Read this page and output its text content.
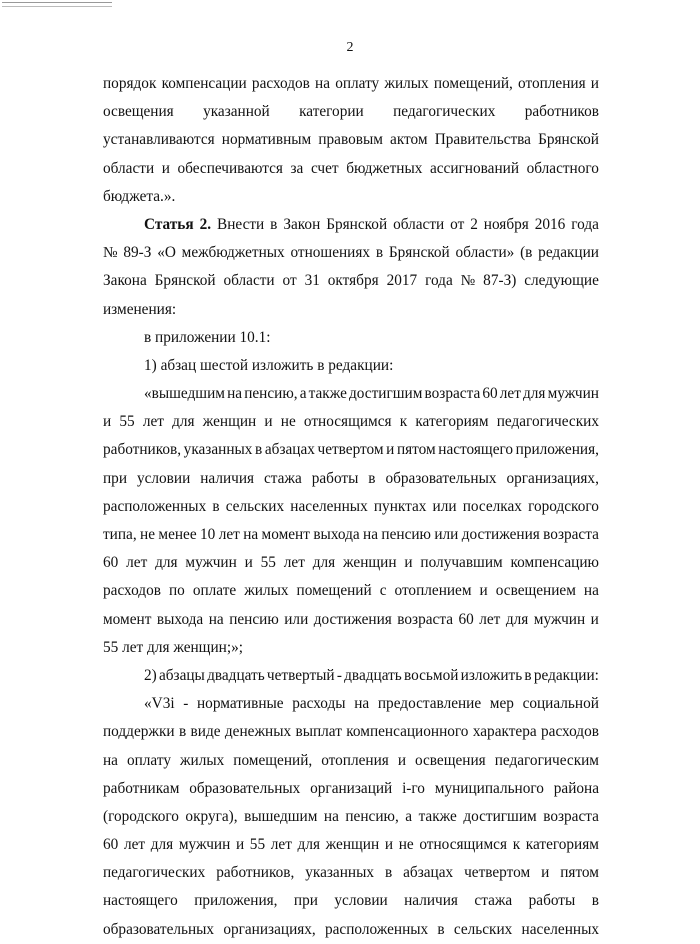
2
порядок компенсации расходов на оплату жилых помещений, отопления и
освещения указанной категории педагогических работников
устанавливаются нормативным правовым актом Правительства Брянской
области и обеспечиваются за счет бюджетных ассигнований областного
бюджета.».
Статья 2. Внести в Закон Брянской области от 2 ноября 2016 года
№ 89-З «О межбюджетных отношениях в Брянской области» (в редакции
Закона Брянской области от 31 октября 2017 года № 87-З) следующие
изменения:
в приложении 10.1:
1) абзац шестой изложить в редакции:
«вышедшим на пенсию, а также достигшим возраста 60 лет для мужчин
и 55 лет для женщин и не относящимся к категориям педагогических
работников, указанных в абзацах четвертом и пятом настоящего приложения,
при условии наличия стажа работы в образовательных организациях,
расположенных в сельских населенных пунктах или поселках городского
типа, не менее 10 лет на момент выхода на пенсию или достижения возраста
60 лет для мужчин и 55 лет для женщин и получавшим компенсацию
расходов по оплате жилых помещений с отоплением и освещением на
момент выхода на пенсию или достижения возраста 60 лет для мужчин и
55 лет для женщин;»;
2) абзацы двадцать четвертый - двадцать восьмой изложить в редакции:
«V3i - нормативные расходы на предоставление мер социальной
поддержки в виде денежных выплат компенсационного характера расходов
на оплату жилых помещений, отопления и освещения педагогическим
работникам образовательных организаций i-го муниципального района
(городского округа), вышедшим на пенсию, а также достигшим возраста
60 лет для мужчин и 55 лет для женщин и не относящимся к категориям
педагогических работников, указанных в абзацах четвертом и пятом
настоящего приложения, при условии наличия стажа работы в
образовательных организациях, расположенных в сельских населенных
